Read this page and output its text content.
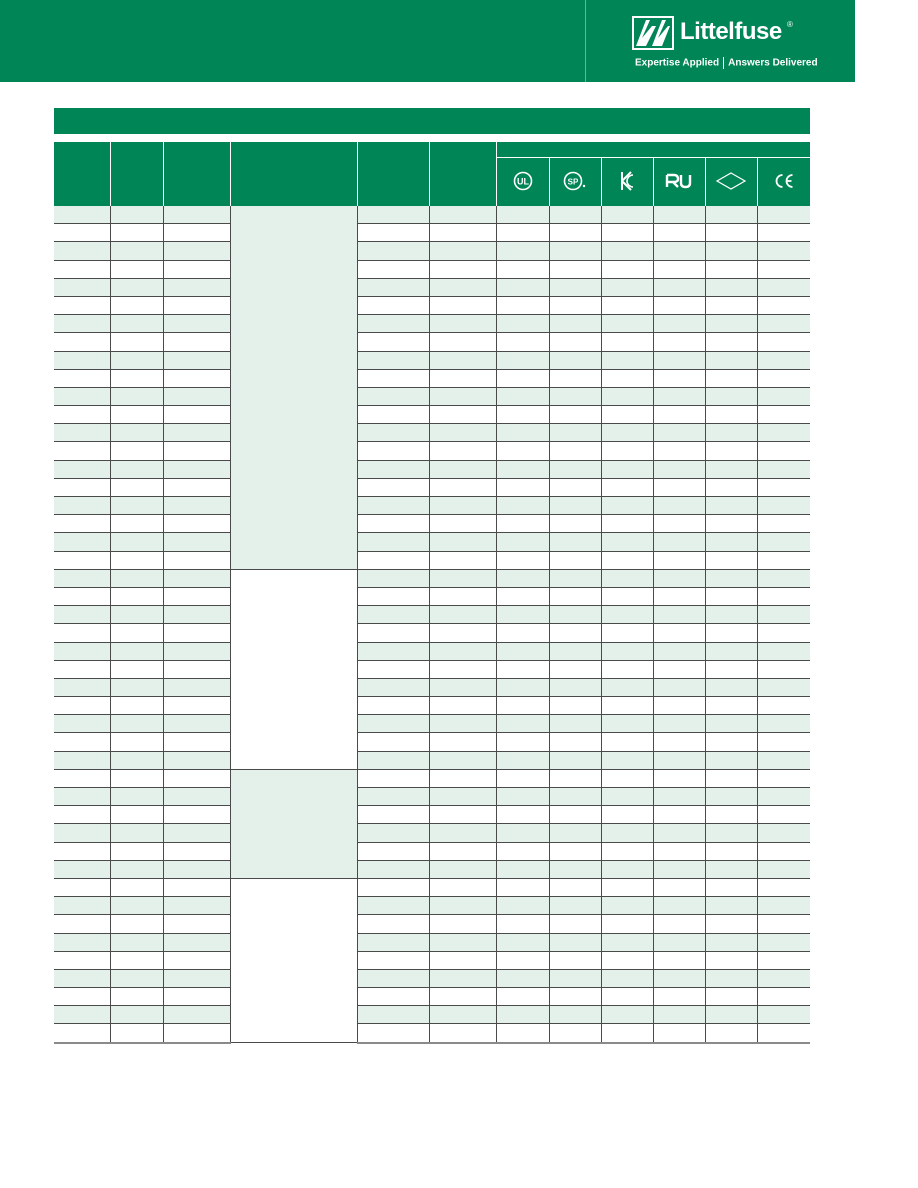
Littelfuse ®
Expertise Applied Answers Delivered

UL	SP
